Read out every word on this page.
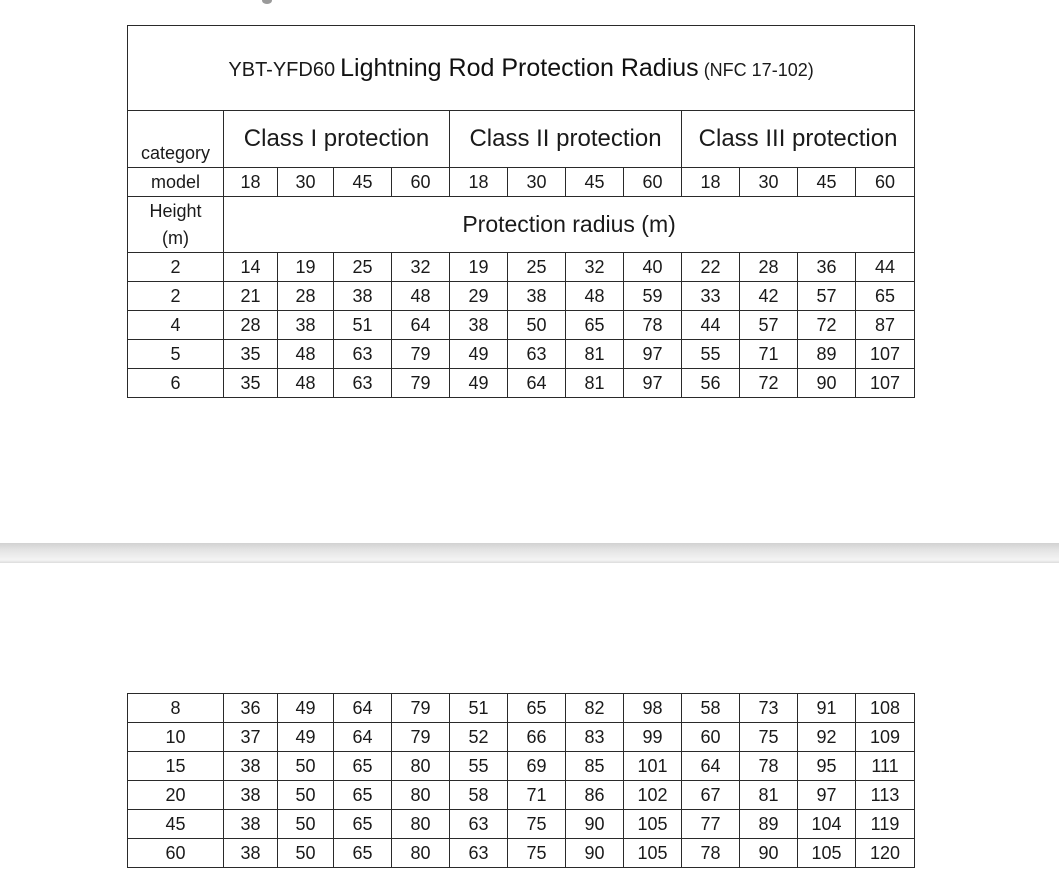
YBT-YFD60 Lightning Rod Protection Radius (NFC 17-102)												
category	Class I protection				Class II protection				Class III protection			
model	18	30	45	60	18	30	45	60	18	30	45	60
Height
(m)	Protection radius (m)											
2	14	19	25	32	19	25	32	40	22	28	36	44
2	21	28	38	48	29	38	48	59	33	42	57	65
4	28	38	51	64	38	50	65	78	44	57	72	87
5	35	48	63	79	49	63	81	97	55	71	89	107
6	35	48	63	79	49	64	81	97	56	72	90	107
8	36	49	64	79	51	65	82	98	58	73	91	108
10	37	49	64	79	52	66	83	99	60	75	92	109
15	38	50	65	80	55	69	85	101	64	78	95	111
20	38	50	65	80	58	71	86	102	67	81	97	113
45	38	50	65	80	63	75	90	105	77	89	104	119
60	38	50	65	80	63	75	90	105	78	90	105	120
